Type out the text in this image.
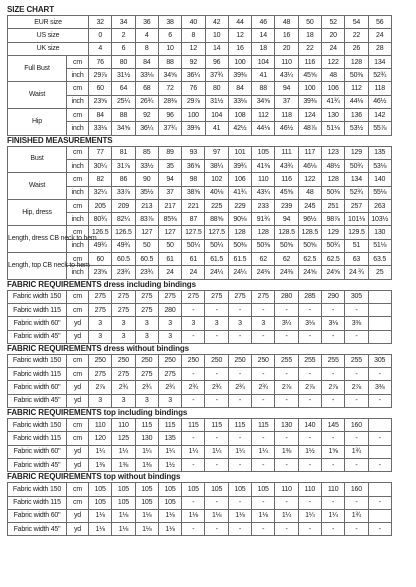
SIZE CHART
EUR size		32	34	36	38	40	42	44	46	48	50	52	54	56
US size		0	2	4	6	8	10	12	14	16	18	20	22	24
UK size		4	6	8	10	12	14	16	18	20	22	24	26	28
Full Bust	cm	76	80	84	88	92	96	100	104	110	116	122	128	134
	inch	29⅞	31½	33⅛	34⅝	36¼	37¾	39⅜	41	43¼	45⅝	48	50⅜	52¾
Waist	cm	60	64	68	72	76	80	84	88	94	100	106	112	118
	inch	23⅝	25¼	26¾	28⅜	29⅞	31½	33⅛	34⅝	37	39⅜	41¾	44⅛	46½
Hip	cm	84	88	92	96	100	104	108	112	118	124	130	136	142
	inch	33⅛	34⅝	36¼	37¾	39⅜	41	42½	44⅛	46½	48⅞	51⅛	53½	55⅞
FINISHED MEASUREMENTS
Bust	cm	77	81	85	89	93	97	101	105	111	117	123	129	135
	inch	30¼	31⅞	33½	35	36⅝	38¼	39¾	41⅜	43¾	46⅛	48½	50¾	53⅛
Waist	cm	82	86	90	94	98	102	106	110	116	122	128	134	140
	inch	32¼	33⅞	35½	37	38⅝	40⅛	41¾	43¼	45⅝	48	50⅜	52¾	55⅛
Hip, dress	cm	205	209	213	217	221	225	229	233	239	245	251	257	263
	inch	80¾	82¼	83⅞	85⅜	87	88⅝	90⅛	91¾	94	96½	98⅞	101⅛	103½
Length, dress CB neck to hem	cm	126.5	126.5	127	127	127.5	127.5	128	128	128.5	128.5	129	129.5	130
	inch	49¾	49¾	50	50	50¼	50¼	50⅜	50⅜	50⅝	50⅝	50¾	51	51⅛
Length, top CB neck to hem	cm	60	60.5	60.5	61	61	61.5	61.5	62	62	62.5	62.5	63	63.5
	inch	23⅝	23¾	23¾	24	24	24¼	24¼	24⅜	24⅜	24⅝	24⅝	24 ¾	25
FABRIC REQUIREMENTS dress including bindings
Fabric width 150	cm	275	275	275	275	275	275	275	275	280	285	290	305	
Fabric width 115	cm	275	275	275	280	-	-	-	-	-	-	-	-	
Fabric width 60"	yd	3	3	3	3	3	3	3	3	3¼	3⅛	3⅛	3⅜	
Fabric width 45"	yd	3	3	3	3	-	-	-	-	-	-	-	-	
FABRIC REQUIREMENTS dress without bindings
Fabric width 150	cm	250	250	250	250	250	250	250	250	255	255	255	255	305
Fabric width 115	cm	275	275	275	275	-	-	-	-	-	-	-	-	-
Fabric width 60"	yd	2⅞	2¾	2¾	2¾	2¾	2¾	2¾	2¾	2⅞	2⅞	2⅞	2⅞	3⅜
Fabric width 45"	yd	3	3	3	3	-	-	-	-	-	-	-	-	-
FABRIC REQUIREMENTS top including bindings
Fabric width 150	cm	110	110	115	115	115	115	115	115	130	140	145	160	
Fabric width 115	cm	120	125	130	135	-	-	-	-	-	-	-	-	-
Fabric width 60"	yd	1¼	1¼	1¼	1¼	1¼	1¼	1¼	1¼	1⅜	1½	1⅝	1¾	
Fabric width 45"	yd	1⅜	1⅜	1⅜	1½	-	-	-	-	-	-	-	-	-
FABRIC REQUIREMENTS top without bindings
Fabric width 150	cm	105	105	105	105	105	105	105	105	110	110	110	160	
Fabric width 115	cm	105	105	105	105	-	-	-	-	-	-	-	-	-
Fabric width 60"	yd	1⅛	1⅛	1⅛	1⅛	1⅛	1⅛	1⅛	1⅛	1¼	1¼	1¼	1¾	
Fabric width 45"	yd	1⅛	1⅛	1⅛	1⅛	-	-	-	-	-	-	-	-	-
